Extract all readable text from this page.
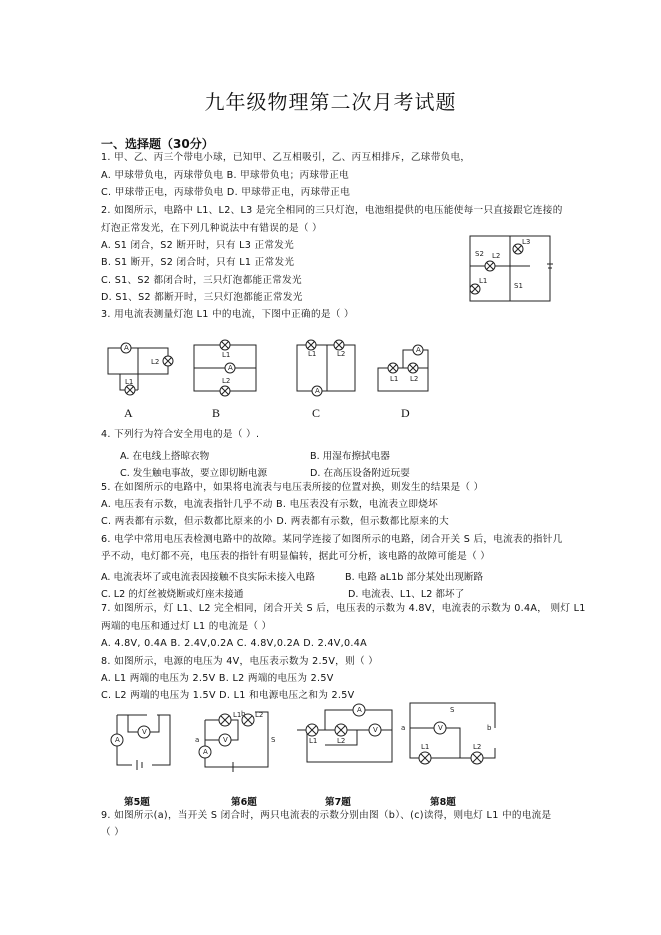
九年级物理第二次月考试题
一、选择题（30分）
1. 甲、乙、丙三个带电小球，已知甲、乙互相吸引，乙、丙互相排斥，乙球带负电，
A. 甲球带负电，丙球带负电 B. 甲球带负电；丙球带正电
C. 甲球带正电，丙球带负电 D. 甲球带正电，丙球带正电
2. 如图所示，电路中 L1、L2、L3 是完全相同的三只灯泡，电池组提供的电压能使每一只直接跟它连接的
灯泡正常发光，在下列几种说法中有错误的是（ ）
A. S1 闭合，S2 断开时，只有 L3 正常发光
B. S1 断开，S2 闭合时，只有 L1 正常发光
C. S1、S2 都闭合时，三只灯泡都能正常发光
D. S1、S2 都断开时，三只灯泡都能正常发光
L3
L2
L1
S2
S1
3. 用电流表测量灯泡 L1 中的电流，下图中正确的是（ ）
A
L2
L1
A
L1
L2
A
L1	L2	A
L1 L2
A	B	C	D
4. 下列行为符合安全用电的是（ ）.
A. 在电线上搭晾衣物	B. 用湿布擦拭电器
C. 发生触电事故，要立即切断电源	D. 在高压设备附近玩耍
5. 在如图所示的电路中，如果将电流表与电压表所接的位置对换，则发生的结果是（ ）
A. 电压表有示数，电流表指针几乎不动 B. 电压表没有示数，电流表立即烧坏
C. 两表都有示数，但示数都比原来的小 D. 两表都有示数，但示数都比原来的大
6. 电学中常用电压表检测电路中的故障。某同学连接了如图所示的电路，闭合开关 S 后，电流表的指针几
乎不动，电灯都不亮，电压表的指针有明显偏转，据此可分析，该电路的故障可能是（ ）
A. 电流表坏了或电流表因接触不良实际未接入电路	B. 电路 aL1b 部分某处出现断路
C. L2 的灯丝被烧断或灯座未接通	D. 电流表、L1、L2 都坏了
7. 如图所示，灯 L1、L2 完全相同，闭合开关 S 后，电压表的示数为 4.8V，电流表的示数为 0.4A， 则灯 L1
两端的电压和通过灯 L1 的电流是（ ）
A. 4.8V, 0.4A B. 2.4V,0.2A C. 4.8V,0.2A D. 2.4V,0.4A
8. 如图所示，电源的电压为 4V，电压表示数为 2.5V，则（ ）
A. L1 两端的电压为 2.5V B. L2 两端的电压为 2.5V
C. L2 两端的电压为 1.5V D. L1 和电源电压之和为 2.5V
A
V
V
A
L1 L2
a
b
S
A
V
L1	L2
V
S
a	b
L1	L2
第5题	第6题	第7题	第8题
9. 如图所示(a)，当开关 S 闭合时，两只电流表的示数分别由图（b）、(c)读得，则电灯 L1 中的电流是
（ ）
